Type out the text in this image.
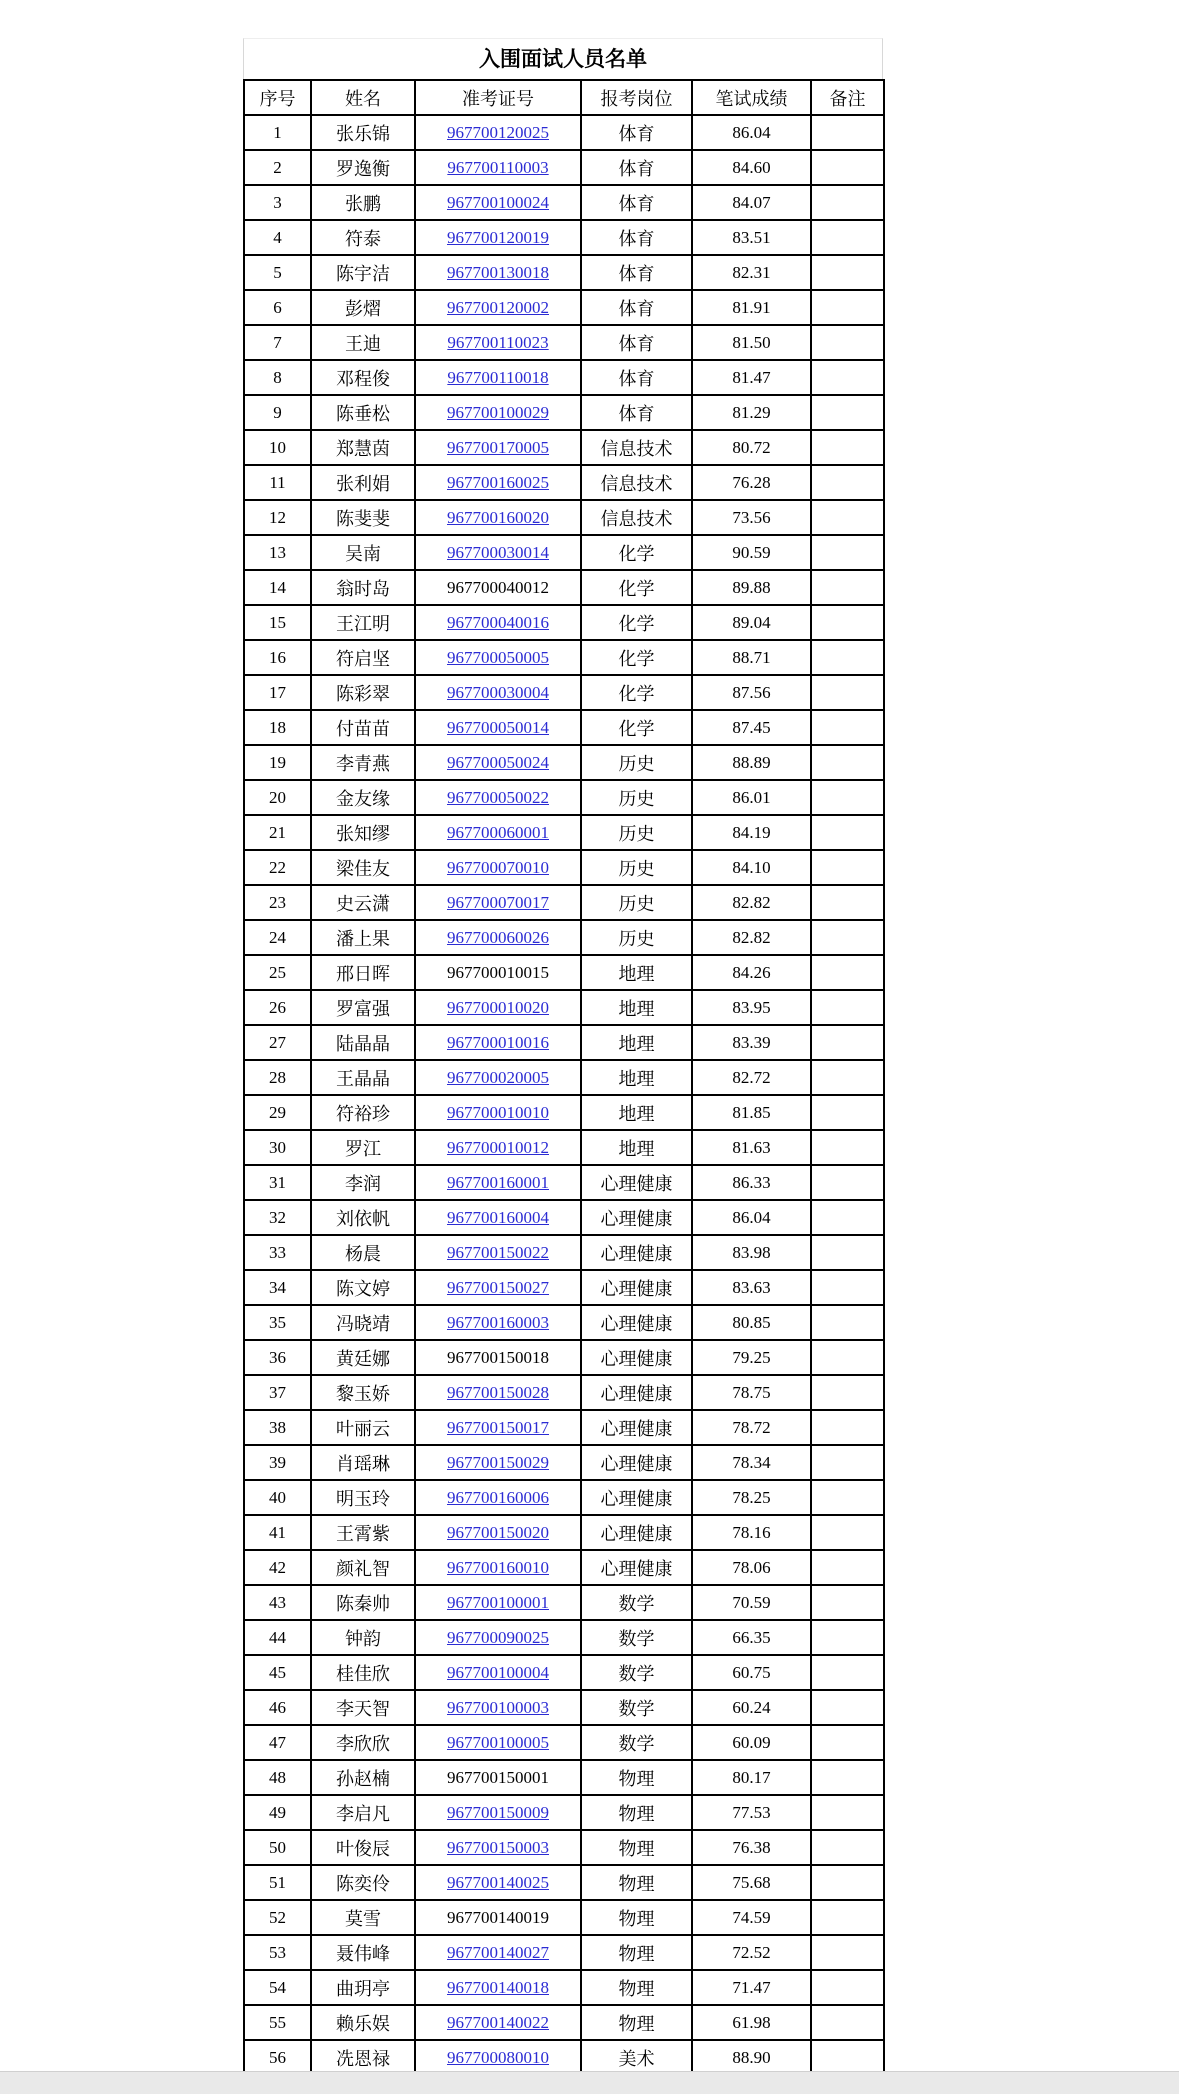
入围面试人员名单
序号	姓名	准考证号	报考岗位	笔试成绩	备注
1	张乐锦	967700120025	体育	86.04	
2	罗逸衡	967700110003	体育	84.60	
3	张鹏	967700100024	体育	84.07	
4	符泰	967700120019	体育	83.51	
5	陈宇洁	967700130018	体育	82.31	
6	彭熠	967700120002	体育	81.91	
7	王迪	967700110023	体育	81.50	
8	邓程俊	967700110018	体育	81.47	
9	陈垂松	967700100029	体育	81.29	
10	郑慧茵	967700170005	信息技术	80.72	
11	张利娟	967700160025	信息技术	76.28	
12	陈斐斐	967700160020	信息技术	73.56	
13	吴南	967700030014	化学	90.59	
14	翁时岛	967700040012	化学	89.88	
15	王江明	967700040016	化学	89.04	
16	符启坚	967700050005	化学	88.71	
17	陈彩翠	967700030004	化学	87.56	
18	付苗苗	967700050014	化学	87.45	
19	李青燕	967700050024	历史	88.89	
20	金友缘	967700050022	历史	86.01	
21	张知缪	967700060001	历史	84.19	
22	梁佳友	967700070010	历史	84.10	
23	史云潇	967700070017	历史	82.82	
24	潘上果	967700060026	历史	82.82	
25	邢日晖	967700010015	地理	84.26	
26	罗富强	967700010020	地理	83.95	
27	陆晶晶	967700010016	地理	83.39	
28	王晶晶	967700020005	地理	82.72	
29	符裕珍	967700010010	地理	81.85	
30	罗江	967700010012	地理	81.63	
31	李润	967700160001	心理健康	86.33	
32	刘依帆	967700160004	心理健康	86.04	
33	杨晨	967700150022	心理健康	83.98	
34	陈文婷	967700150027	心理健康	83.63	
35	冯晓靖	967700160003	心理健康	80.85	
36	黄廷娜	967700150018	心理健康	79.25	
37	黎玉娇	967700150028	心理健康	78.75	
38	叶丽云	967700150017	心理健康	78.72	
39	肖瑶琳	967700150029	心理健康	78.34	
40	明玉玲	967700160006	心理健康	78.25	
41	王霄紫	967700150020	心理健康	78.16	
42	颜礼智	967700160010	心理健康	78.06	
43	陈秦帅	967700100001	数学	70.59	
44	钟韵	967700090025	数学	66.35	
45	桂佳欣	967700100004	数学	60.75	
46	李天智	967700100003	数学	60.24	
47	李欣欣	967700100005	数学	60.09	
48	孙赵楠	967700150001	物理	80.17	
49	李启凡	967700150009	物理	77.53	
50	叶俊辰	967700150003	物理	76.38	
51	陈奕伶	967700140025	物理	75.68	
52	莫雪	967700140019	物理	74.59	
53	聂伟峰	967700140027	物理	72.52	
54	曲玥亭	967700140018	物理	71.47	
55	赖乐娱	967700140022	物理	61.98	
56	冼恩禄	967700080010	美术	88.90	
